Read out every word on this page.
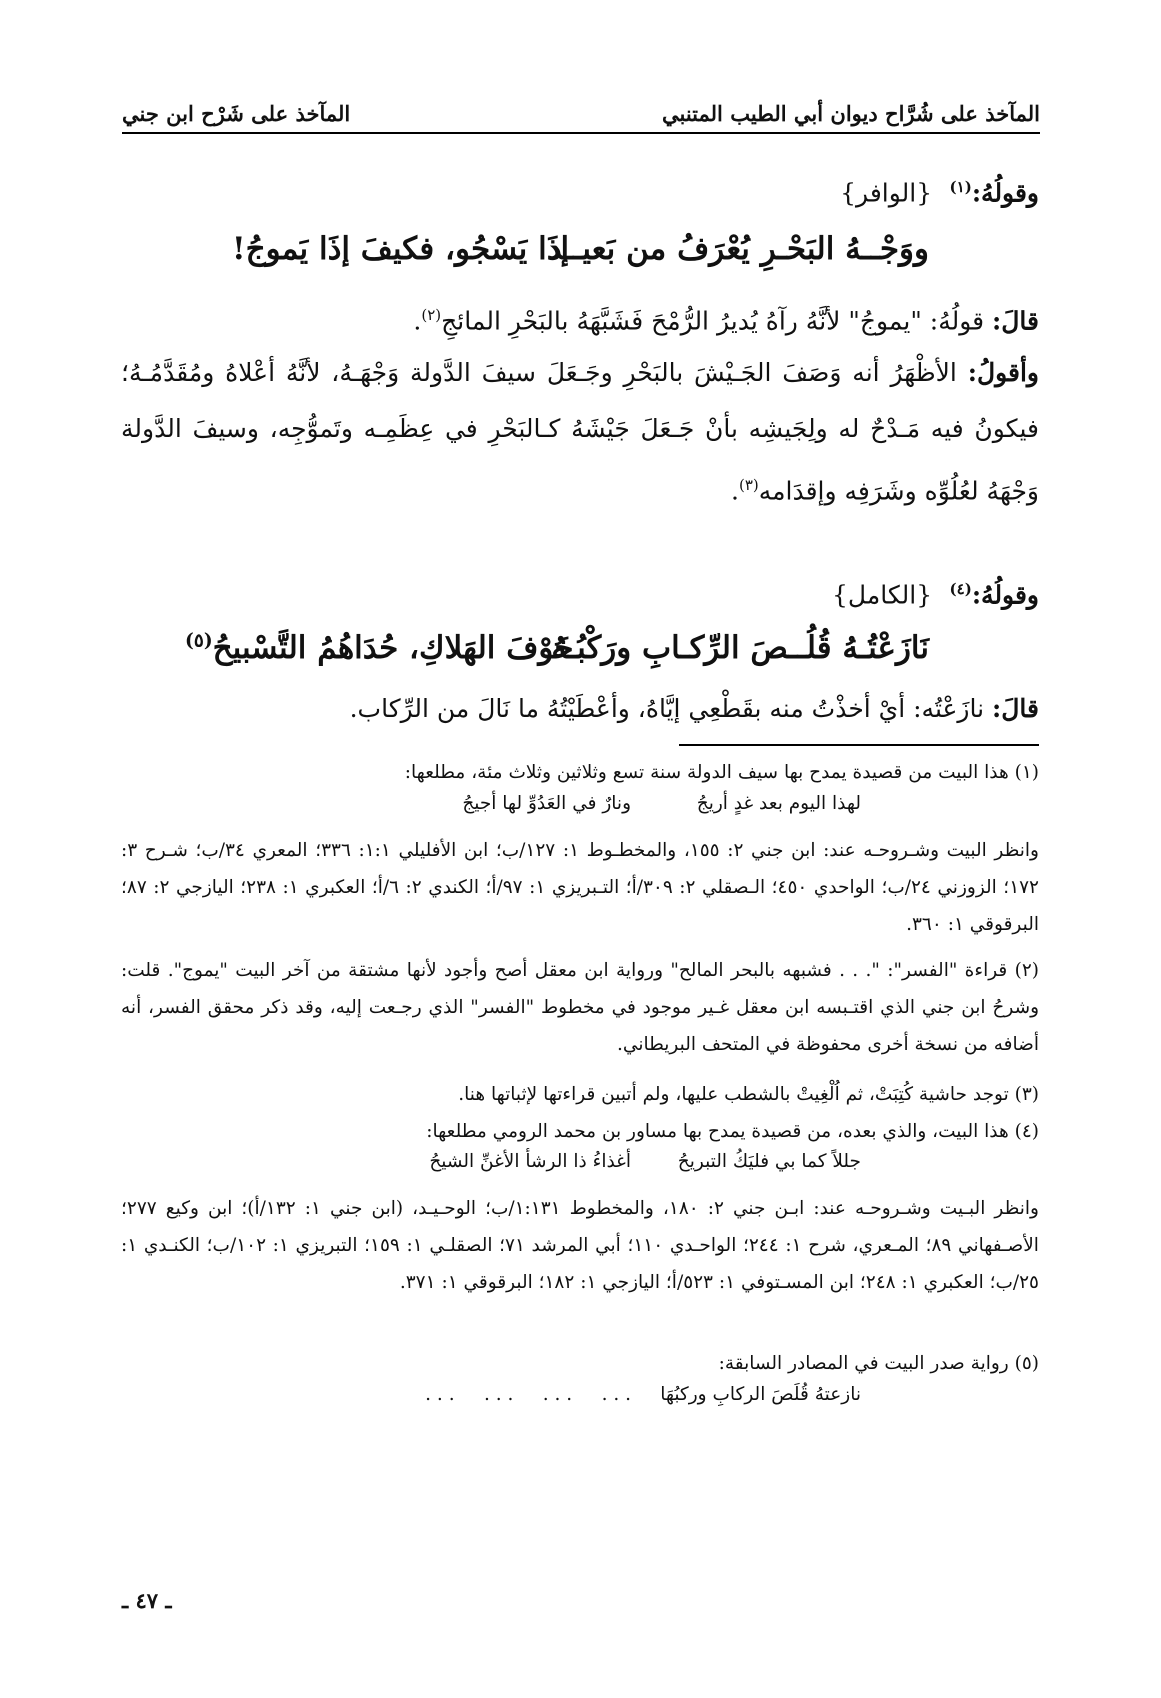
المآخذ على شُرَّاح ديوان أبي الطيب المتنبي
المآخذ على شَرْح ابن جني
وقولُهُ:$^{(١)}$  {الوافر}
ووَجْــهُ البَحْـرِ يُعْرَفُ من بَعيــد
إذَا يَسْجُو، فكيفَ إذَا يَموجُ!
قالَ: قولُهُ: "يموجُ" لأنَّهُ رآهُ يُديرُ الرُّمْحَ فَشَبَّهَهُ بالبَحْرِ المائجِ$^{(٢)}$.
وأقولُ: الأظْهَرُ أنه وَصَفَ الجَـيْشَ بالبَحْرِ وجَـعَلَ سيفَ الدَّولة وَجْهَـهُ، لأنَّهُ أعْلاهُ ومُقَدَّمُـهُ؛ فيكونُ فيه مَـدْحٌ له ولِجَيشِه بأنْ جَـعَلَ جَيْشَهُ كـالبَحْرِ في عِظَمِـه وتَموُّجِه، وسيفَ الدَّولة وَجْهَهُ لعُلُوِّه وشَرَفِه وإقدَامه$^{(٣)}$.
وقولُهُ:$^{(٤)}$  {الكامل}
نَازَعْتُـهُ قُلُــصَ الرِّكـابِ ورَكْبُـهُ
خَوْفَ الهَلاكِ، حُدَاهُمُ التَّسْبيحُ$^{(٥)}$
قالَ: نازَعْتُه: أيْ أخذْتُ منه بقَطْعِي إيَّاهُ، وأعْطَيْتُهُ ما نَالَ من الرِّكاب.
(١) هذا البيت من قصيدة يمدح بها سيف الدولة سنة تسع وثلاثين وثلاث مئة، مطلعها:
لهذا اليوم بعد غدٍ أريجُ
ونارٌ في العَدُوِّ لها أجيجُ
وانظر البيت وشـروحـه عند: ابن جني ٢: ١٥٥، والمخطـوط ١: ١٢٧/ب؛ ابن الأفليلي ١:١: ٣٣٦؛ المعري ٣٤/ب؛ شـرح ٣: ١٧٢؛ الزوزني ٢٤/ب؛ الواحدي ٤٥٠؛ الـصقلي ٢: ٣٠٩/أ؛ التـبريزي ١: ٩٧/أ؛ الكندي ٢: ٦/أ؛ العكبري ١: ٢٣٨؛ اليازجي ٢: ٨٧؛ البرقوقي ١: ٣٦٠.
(٢) قراءة "الفسر": ". . . فشبهه بالبحر المالح" ورواية ابن معقل أصح وأجود لأنها مشتقة من آخر البيت "يموج". قلت: وشرحُ ابن جني الذي اقتـبسه ابن معقل غـير موجود في مخطوط "الفسر" الذي رجـعت إليه، وقد ذكر محقق الفسر، أنه أضافه من نسخة أخرى محفوظة في المتحف البريطاني.
(٣) توجد حاشية كُتِبَتْ، ثم اُلْغِيتْ بالشطب عليها، ولم أتبين قراءتها لإثباتها هنا.
(٤) هذا البيت، والذي بعده، من قصيدة يمدح بها مساور بن محمد الرومي مطلعها:
جللاً كما بي فليَكُ التبريحُ
أغذاءُ ذا الرشأ الأغنِّ الشيحُ
وانظر البـيت وشـروحـه عند: ابـن جني ٢: ١٨٠، والمخطوط ١:١٣١/ب؛ الوحـيـد، (ابن جني ١: ١٣٢/أ)؛ ابن وكيع ٢٧٧؛ الأصـفهاني ٨٩؛ المـعري، شرح ١: ٢٤٤؛ الواحـدي ١١٠؛ أبي المرشد ٧١؛ الصقلـي ١: ١٥٩؛ التبريزي ١: ١٠٢/ب؛ الكنـدي ١: ٢٥/ب؛ العكبري ١: ٢٤٨؛ ابن المسـتوفي ١: ٥٢٣/أ؛ اليازجي ١: ١٨٢؛ البرقوقي ١: ٣٧١.
(٥) رواية صدر البيت في المصادر السابقة:
نازعتهُ قُلَصَ الركابِ وركبُهَا
. . .     . . .     . . .     . . .
ـ ٤٧ ـ
